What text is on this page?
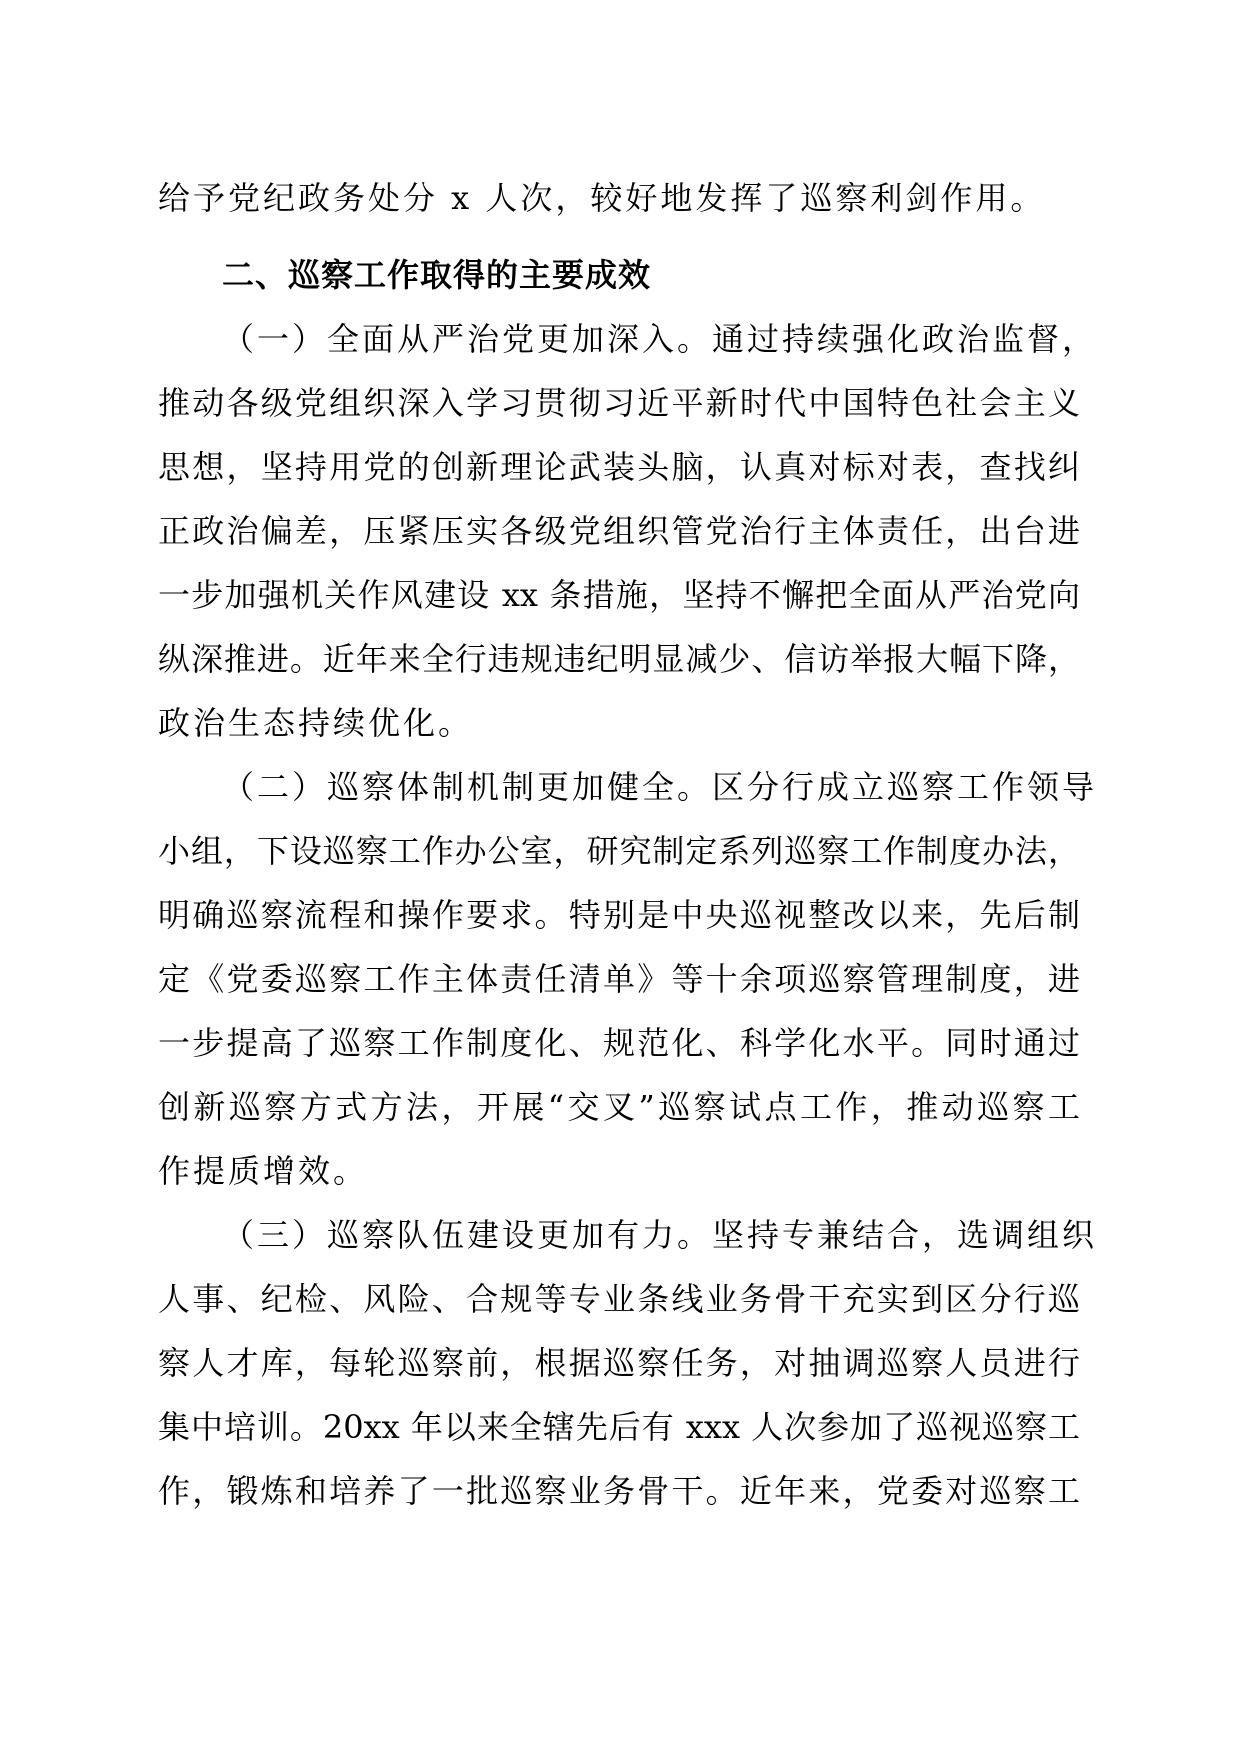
给予党纪政务处分 x 人次，较好地发挥了巡察利剑作用。
二、巡察工作取得的主要成效
（一）全面从严治党更加深入。通过持续强化政治监督，
推动各级党组织深入学习贯彻习近平新时代中国特色社会主义
思想，坚持用党的创新理论武装头脑，认真对标对表，查找纠
正政治偏差，压紧压实各级党组织管党治行主体责任，出台进
一步加强机关作风建设 xx 条措施，坚持不懈把全面从严治党向
纵深推进。近年来全行违规违纪明显减少、信访举报大幅下降，
政治生态持续优化。
（二）巡察体制机制更加健全。区分行成立巡察工作领导
小组，下设巡察工作办公室，研究制定系列巡察工作制度办法，
明确巡察流程和操作要求。特别是中央巡视整改以来，先后制
定《党委巡察工作主体责任清单》等十余项巡察管理制度，进
一步提高了巡察工作制度化、规范化、科学化水平。同时通过
创新巡察方式方法，开展“交叉”巡察试点工作，推动巡察工
作提质增效。
（三）巡察队伍建设更加有力。坚持专兼结合，选调组织
人事、纪检、风险、合规等专业条线业务骨干充实到区分行巡
察人才库，每轮巡察前，根据巡察任务，对抽调巡察人员进行
集中培训。20xx 年以来全辖先后有 xxx 人次参加了巡视巡察工
作，锻炼和培养了一批巡察业务骨干。近年来，党委对巡察工
